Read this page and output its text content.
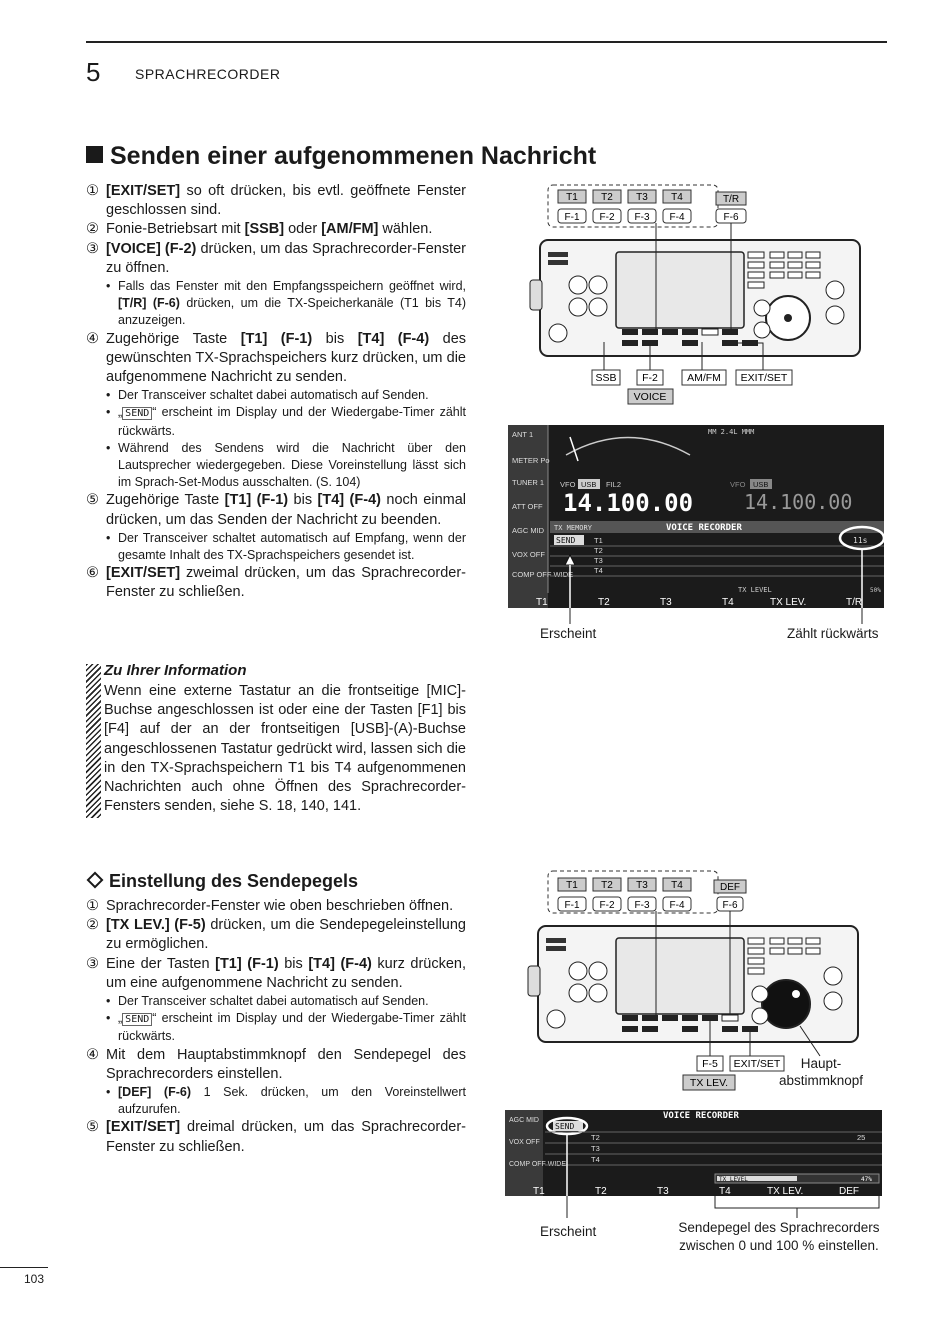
5 SPRACHRECORDER
Senden einer aufgenommenen Nachricht
① [EXIT/SET] so oft drücken, bis evtl. geöffnete Fenster geschlossen sind.
② Fonie-Betriebsart mit [SSB] oder [AM/FM] wählen.
③ [VOICE] (F-2) drücken, um das Sprachrecorder-Fenster zu öffnen.
• Falls das Fenster mit den Empfangsspeichern geöffnet wird, [T/R] (F-6) drücken, um die TX-Speicherkanäle (T1 bis T4) anzuzeigen.
④ Zugehörige Taste [T1] (F-1) bis [T4] (F-4) des gewünschten TX-Sprachspeichers kurz drücken, um die aufgenommene Nachricht zu senden.
• Der Transceiver schaltet dabei automatisch auf Senden.
• „ SEND “ erscheint im Display und der Wiedergabe-Timer zählt rückwärts.
• Während des Sendens wird die Nachricht über den Lautsprecher wiedergegeben. Diese Voreinstellung lässt sich im Sprach-Set-Modus ausschalten. (S. 104)
⑤ Zugehörige Taste [T1] (F-1) bis [T4] (F-4) noch einmal drücken, um das Senden der Nachricht zu beenden.
• Der Transceiver schaltet automatisch auf Empfang, wenn der gesamte Inhalt des TX-Sprachspeichers gesendet ist.
⑥ [EXIT/SET] zweimal drücken, um das Sprachrecorder-Fenster zu schließen.
Zu Ihrer Information
Wenn eine externe Tastatur an die frontseitige [MIC]-Buchse angeschlossen ist oder eine der Tasten [F1] bis [F4] auf der an der frontseitigen [USB]-(A)-Buchse angeschlossenen Tastatur gedrückt wird, lassen sich die in den TX-Sprachspeichern T1 bis T4 aufgenommenen Nachrichten auch ohne Öffnen des Sprachrecorder-Fensters senden, siehe S. 18, 140, 141.
Einstellung des Sendepegels
① Sprachrecorder-Fenster wie oben beschrieben öffnen.
② [TX LEV.] (F-5) drücken, um die Sendepegeleinstellung zu ermöglichen.
③ Eine der Tasten [T1] (F-1) bis [T4] (F-4) kurz drücken, um eine aufgenommene Nachricht zu senden.
• Der Transceiver schaltet dabei automatisch auf Senden.
• „ SEND “ erscheint im Display und der Wiedergabe-Timer zählt rückwärts.
④ Mit dem Hauptabstimmknopf den Sendepegel des Sprachrecorders einstellen.
• [DEF] (F-6) 1 Sek. drücken, um den Voreinstellwert aufzurufen.
⑤ [EXIT/SET] dreimal drücken, um das Sprachrecorder-Fenster zu schließen.
T1 T2 T3 T4
F-1 F-2 F-3 F-4
T/R
F-6
SSB F-2	AM/FM EXIT/SET
VOICE
ANT 1
METER Po
TUNER 1
ATT OFF
AGC MID
VOX OFF
COMP OFF WIDE
MM 2.4L MMM
VFO USB FIL2	VFO USB
14.100.00	14.100.00
TX MEMORY	VOICE RECORDER
SEND T1
T2
T3
T4
11s
TX LEVEL
T1	T2	T3	T4	TX LEV.	T/R
50%
Erscheint	Zählt rückwärts
T1 T2 T3 T4
F-1 F-2 F-3 F-4
DEF
F-6
F-5 EXIT/SET
TX LEV.
Haupt-abstimmknopf
AGC MID
VOX OFF
COMP OFF WIDE
VOICE RECORDER
SEND
T2
T3
T4
25
TX LEVEL	47%
T1	T2	T3	T4	TX LEV.	DEF
Erscheint	Sendepegel des Sprachrecorders zwischen 0 und 100 % einstellen.
103
